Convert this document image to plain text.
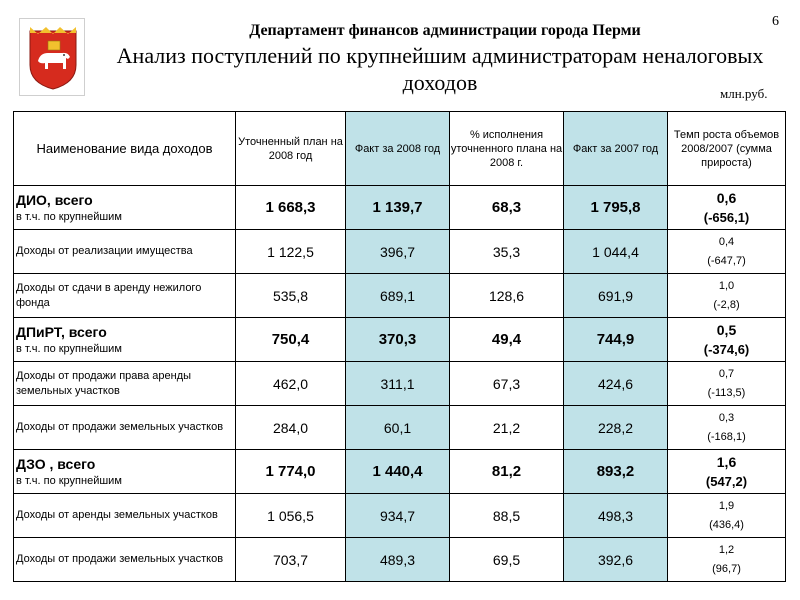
6
Департамент финансов администрации города Перми
Анализ поступлений по крупнейшим администраторам неналоговых доходов	млн.руб.
Наименование вида доходов	Уточненный план на 2008 год	Факт за 2008 год	% исполнения уточненного плана на 2008 г.	Факт за 2007 год	Темп роста объемов 2008/2007 (сумма прироста)

ДИО, всего
в т.ч. по крупнейшим	1 668,3	1 139,7	68,3	1 795,8	0,6
(-656,1)

Доходы от реализации имущества	1 122,5	396,7	35,3	1 044,4	0,4
(-647,7)

Доходы от сдачи в аренду нежилого фонда	535,8	689,1	128,6	691,9	1,0
(-2,8)

ДПиРТ, всего
в т.ч. по крупнейшим	750,4	370,3	49,4	744,9	0,5
(-374,6)

Доходы от продажи права аренды земельных участков	462,0	311,1	67,3	424,6	0,7
(-113,5)

Доходы от продажи земельных участков	284,0	60,1	21,2	228,2	0,3
(-168,1)

ДЗО , всего
в т.ч. по крупнейшим	1 774,0	1 440,4	81,2	893,2	1,6
(547,2)

Доходы от аренды земельных участков	1 056,5	934,7	88,5	498,3	1,9
(436,4)

Доходы от продажи земельных участков	703,7	489,3	69,5	392,6	1,2
(96,7)
